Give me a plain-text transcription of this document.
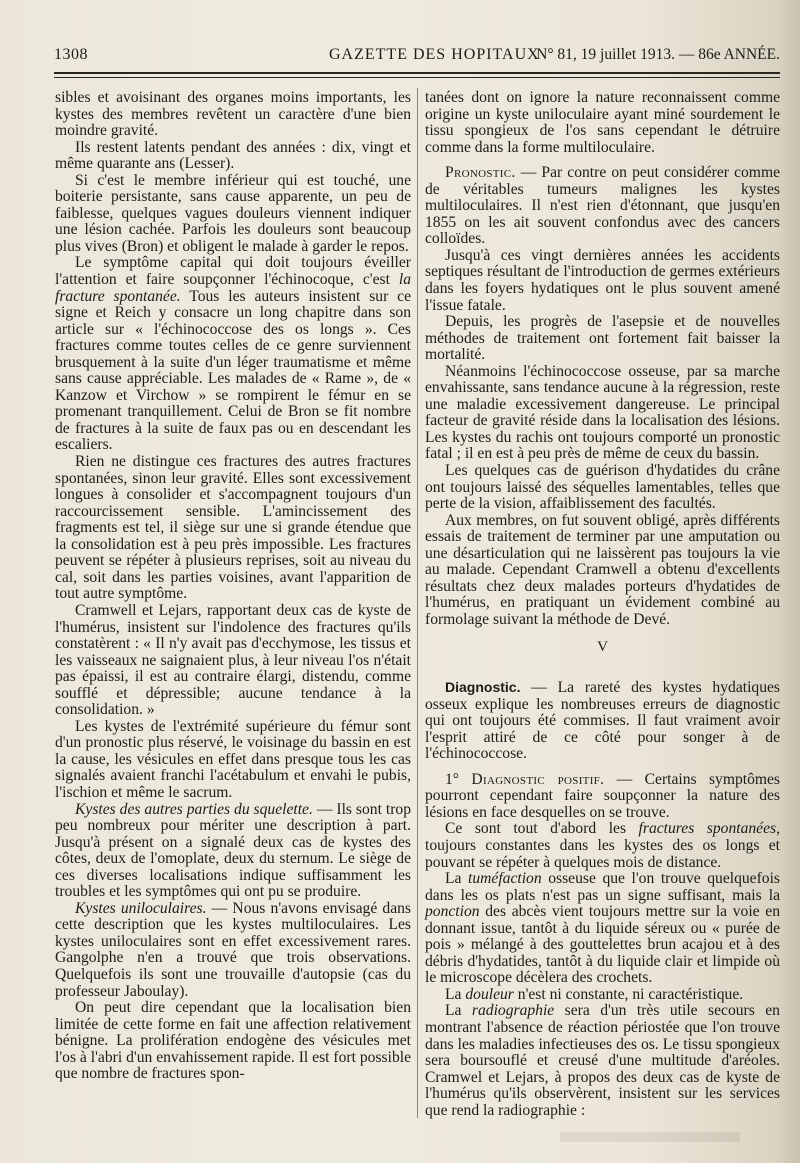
1308	GAZETTE DES HOPITAUX
N° 81, 19 juillet 1913. — 86e ANNÉE.

sibles et avoisinant des organes moins importants, les kystes des membres revêtent un caractère d'une bien moindre gravité.

Ils restent latents pendant des années : dix, vingt et même quarante ans (Lesser).

Si c'est le membre inférieur qui est touché, une boiterie persistante, sans cause apparente, un peu de faiblesse, quelques vagues douleurs viennent indiquer une lésion cachée. Parfois les douleurs sont beaucoup plus vives (Bron) et obligent le malade à garder le repos.

Le symptôme capital qui doit toujours éveiller l'attention et faire soupçonner l'échinocoque, c'est la fracture spontanée. Tous les auteurs insistent sur ce signe et Reich y consacre un long chapitre dans son article sur « l'échinococcose des os longs ». Ces fractures comme toutes celles de ce genre surviennent brusquement à la suite d'un léger traumatisme et même sans cause appréciable. Les malades de « Rame », de « Kanzow et Virchow » se rompirent le fémur en se promenant tranquillement. Celui de Bron se fit nombre de fractures à la suite de faux pas ou en descendant les escaliers.

Rien ne distingue ces fractures des autres fractures spontanées, sinon leur gravité. Elles sont excessivement longues à consolider et s'accompagnent toujours d'un raccourcissement sensible. L'amincissement des fragments est tel, il siège sur une si grande étendue que la consolidation est à peu près impossible. Les fractures peuvent se répéter à plusieurs reprises, soit au niveau du cal, soit dans les parties voisines, avant l'apparition de tout autre symptôme.

Cramwell et Lejars, rapportant deux cas de kyste de l'humérus, insistent sur l'indolence des fractures qu'ils constatèrent : « Il n'y avait pas d'ecchymose, les tissus et les vaisseaux ne saignaient plus, à leur niveau l'os n'était pas épaissi, il est au contraire élargi, distendu, comme soufflé et dépressible; aucune tendance à la consolidation. »

Les kystes de l'extrémité supérieure du fémur sont d'un pronostic plus réservé, le voisinage du bassin en est la cause, les vésicules en effet dans presque tous les cas signalés avaient franchi l'acétabulum et envahi le pubis, l'ischion et même le sacrum.

Kystes des autres parties du squelette. — Ils sont trop peu nombreux pour mériter une description à part. Jusqu'à présent on a signalé deux cas de kystes des côtes, deux de l'omoplate, deux du sternum. Le siège de ces diverses localisations indique suffisamment les troubles et les symptômes qui ont pu se produire.

Kystes uniloculaires. — Nous n'avons envisagé dans cette description que les kystes multiloculaires. Les kystes uniloculaires sont en effet excessivement rares. Gangolphe n'en a trouvé que trois observations. Quelquefois ils sont une trouvaille d'autopsie (cas du professeur Jaboulay).

On peut dire cependant que la localisation bien limitée de cette forme en fait une affection relativement bénigne. La prolifération endogène des vésicules met l'os à l'abri d'un envahissement rapide. Il est fort possible que nombre de fractures spon-

tanées dont on ignore la nature reconnaissent comme origine un kyste uniloculaire ayant miné sourdement le tissu spongieux de l'os sans cependant le détruire comme dans la forme multiloculaire.

Pronostic. — Par contre on peut considérer comme de véritables tumeurs malignes les kystes multiloculaires. Il n'est rien d'étonnant, que jusqu'en 1855 on les ait souvent confondus avec des cancers colloïdes.

Jusqu'à ces vingt dernières années les accidents septiques résultant de l'introduction de germes extérieurs dans les foyers hydatiques ont le plus souvent amené l'issue fatale.

Depuis, les progrès de l'asepsie et de nouvelles méthodes de traitement ont fortement fait baisser la mortalité.

Néanmoins l'échinococcose osseuse, par sa marche envahissante, sans tendance aucune à la régression, reste une maladie excessivement dangereuse. Le principal facteur de gravité réside dans la localisation des lésions. Les kystes du rachis ont toujours comporté un pronostic fatal ; il en est à peu près de même de ceux du bassin.

Les quelques cas de guérison d'hydatides du crâne ont toujours laissé des séquelles lamentables, telles que perte de la vision, affaiblissement des facultés.

Aux membres, on fut souvent obligé, après différents essais de traitement de terminer par une amputation ou une désarticulation qui ne laissèrent pas toujours la vie au malade. Cependant Cramwell a obtenu d'excellents résultats chez deux malades porteurs d'hydatides de l'humérus, en pratiquant un évidement combiné au formolage suivant la méthode de Devé.

V

Diagnostic. — La rareté des kystes hydatiques osseux explique les nombreuses erreurs de diagnostic qui ont toujours été commises. Il faut vraiment avoir l'esprit attiré de ce côté pour songer à de l'échinococcose.

1° Diagnostic positif. — Certains symptômes pourront cependant faire soupçonner la nature des lésions en face desquelles on se trouve.

Ce sont tout d'abord les fractures spontanées, toujours constantes dans les kystes des os longs et pouvant se répéter à quelques mois de distance.

La tuméfaction osseuse que l'on trouve quelquefois dans les os plats n'est pas un signe suffisant, mais la ponction des abcès vient toujours mettre sur la voie en donnant issue, tantôt à du liquide séreux ou « purée de pois » mélangé à des gouttelettes brun acajou et à des débris d'hydatides, tantôt à du liquide clair et limpide où le microscope décèlera des crochets.

La douleur n'est ni constante, ni caractéristique.

La radiographie sera d'un très utile secours en montrant l'absence de réaction périostée que l'on trouve dans les maladies infectieuses des os. Le tissu spongieux sera boursouflé et creusé d'une multitude d'aréoles. Cramwel et Lejars, à propos des deux cas de kyste de l'humérus qu'ils observèrent, insistent sur les services que rend la radiographie :
